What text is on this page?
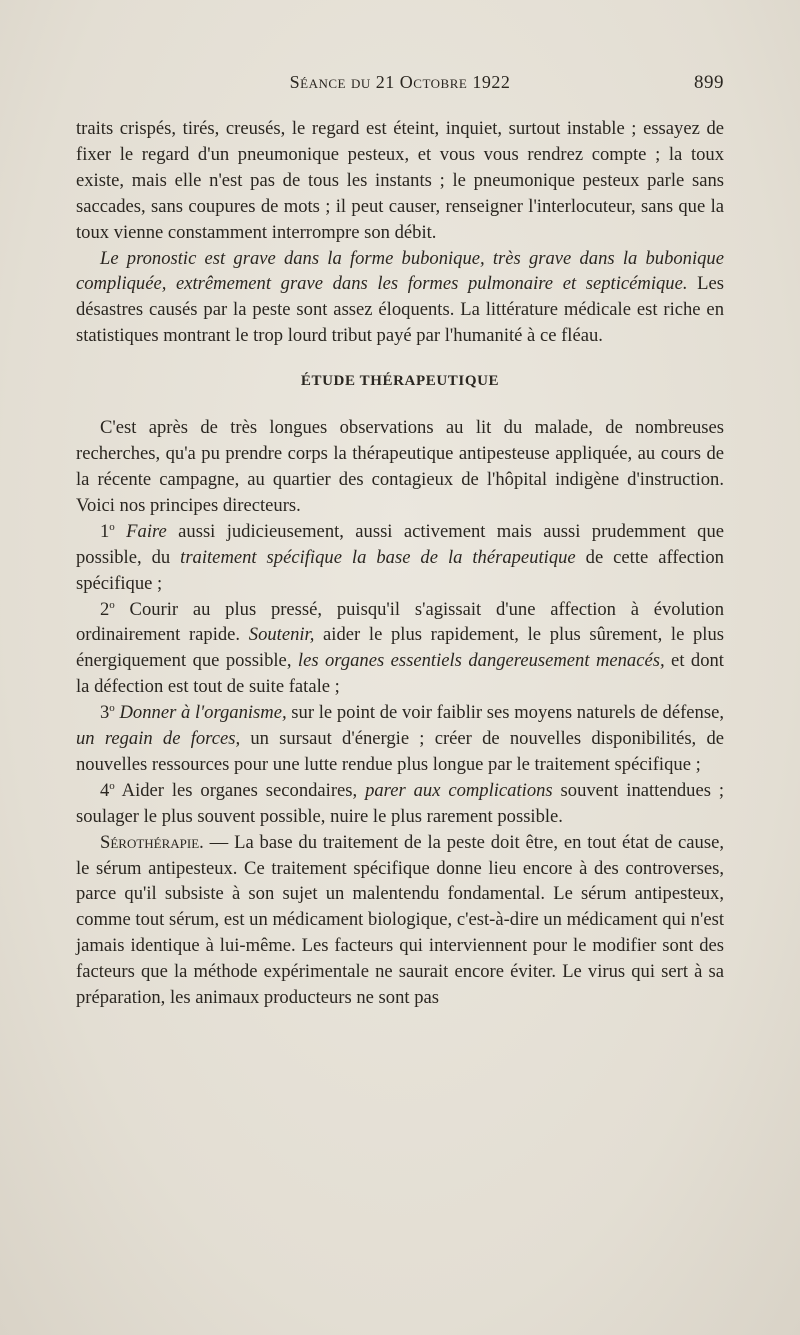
Séance du 21 Octobre 1922	899

traits crispés, tirés, creusés, le regard est éteint, inquiet, surtout instable ; essayez de fixer le regard d'un pneumonique pesteux, et vous vous rendrez compte ; la toux existe, mais elle n'est pas de tous les instants ; le pneumonique pesteux parle sans saccades, sans coupures de mots ; il peut causer, renseigner l'interlocuteur, sans que la toux vienne constamment interrompre son débit.

Le pronostic est grave dans la forme bubonique, très grave dans la bubonique compliquée, extrêmement grave dans les formes pulmonaire et septicémique. Les désastres causés par la peste sont assez éloquents. La littérature médicale est riche en statistiques montrant le trop lourd tribut payé par l'humanité à ce fléau.

ÉTUDE THÉRAPEUTIQUE

C'est après de très longues observations au lit du malade, de nombreuses recherches, qu'a pu prendre corps la thérapeutique antipesteuse appliquée, au cours de la récente campagne, au quartier des contagieux de l'hôpital indigène d'instruction. Voici nos principes directeurs.

1$^o$ Faire aussi judicieusement, aussi activement mais aussi prudemment que possible, du traitement spécifique la base de la thérapeutique de cette affection spécifique ;

2$^o$ Courir au plus pressé, puisqu'il s'agissait d'une affection à évolution ordinairement rapide. Soutenir, aider le plus rapidement, le plus sûrement, le plus énergiquement que possible, les organes essentiels dangereusement menacés, et dont la défection est tout de suite fatale ;

3$^o$ Donner à l'organisme, sur le point de voir faiblir ses moyens naturels de défense, un regain de forces, un sursaut d'énergie ; créer de nouvelles disponibilités, de nouvelles ressources pour une lutte rendue plus longue par le traitement spécifique ;

4$^o$ Aider les organes secondaires, parer aux complications souvent inattendues ; soulager le plus souvent possible, nuire le plus rarement possible.

Sérothérapie. — La base du traitement de la peste doit être, en tout état de cause, le sérum antipesteux. Ce traitement spécifique donne lieu encore à des controverses, parce qu'il subsiste à son sujet un malentendu fondamental. Le sérum antipesteux, comme tout sérum, est un médicament biologique, c'est-à-dire un médicament qui n'est jamais identique à lui-même. Les facteurs qui interviennent pour le modifier sont des facteurs que la méthode expérimentale ne saurait encore éviter. Le virus qui sert à sa préparation, les animaux producteurs ne sont pas
